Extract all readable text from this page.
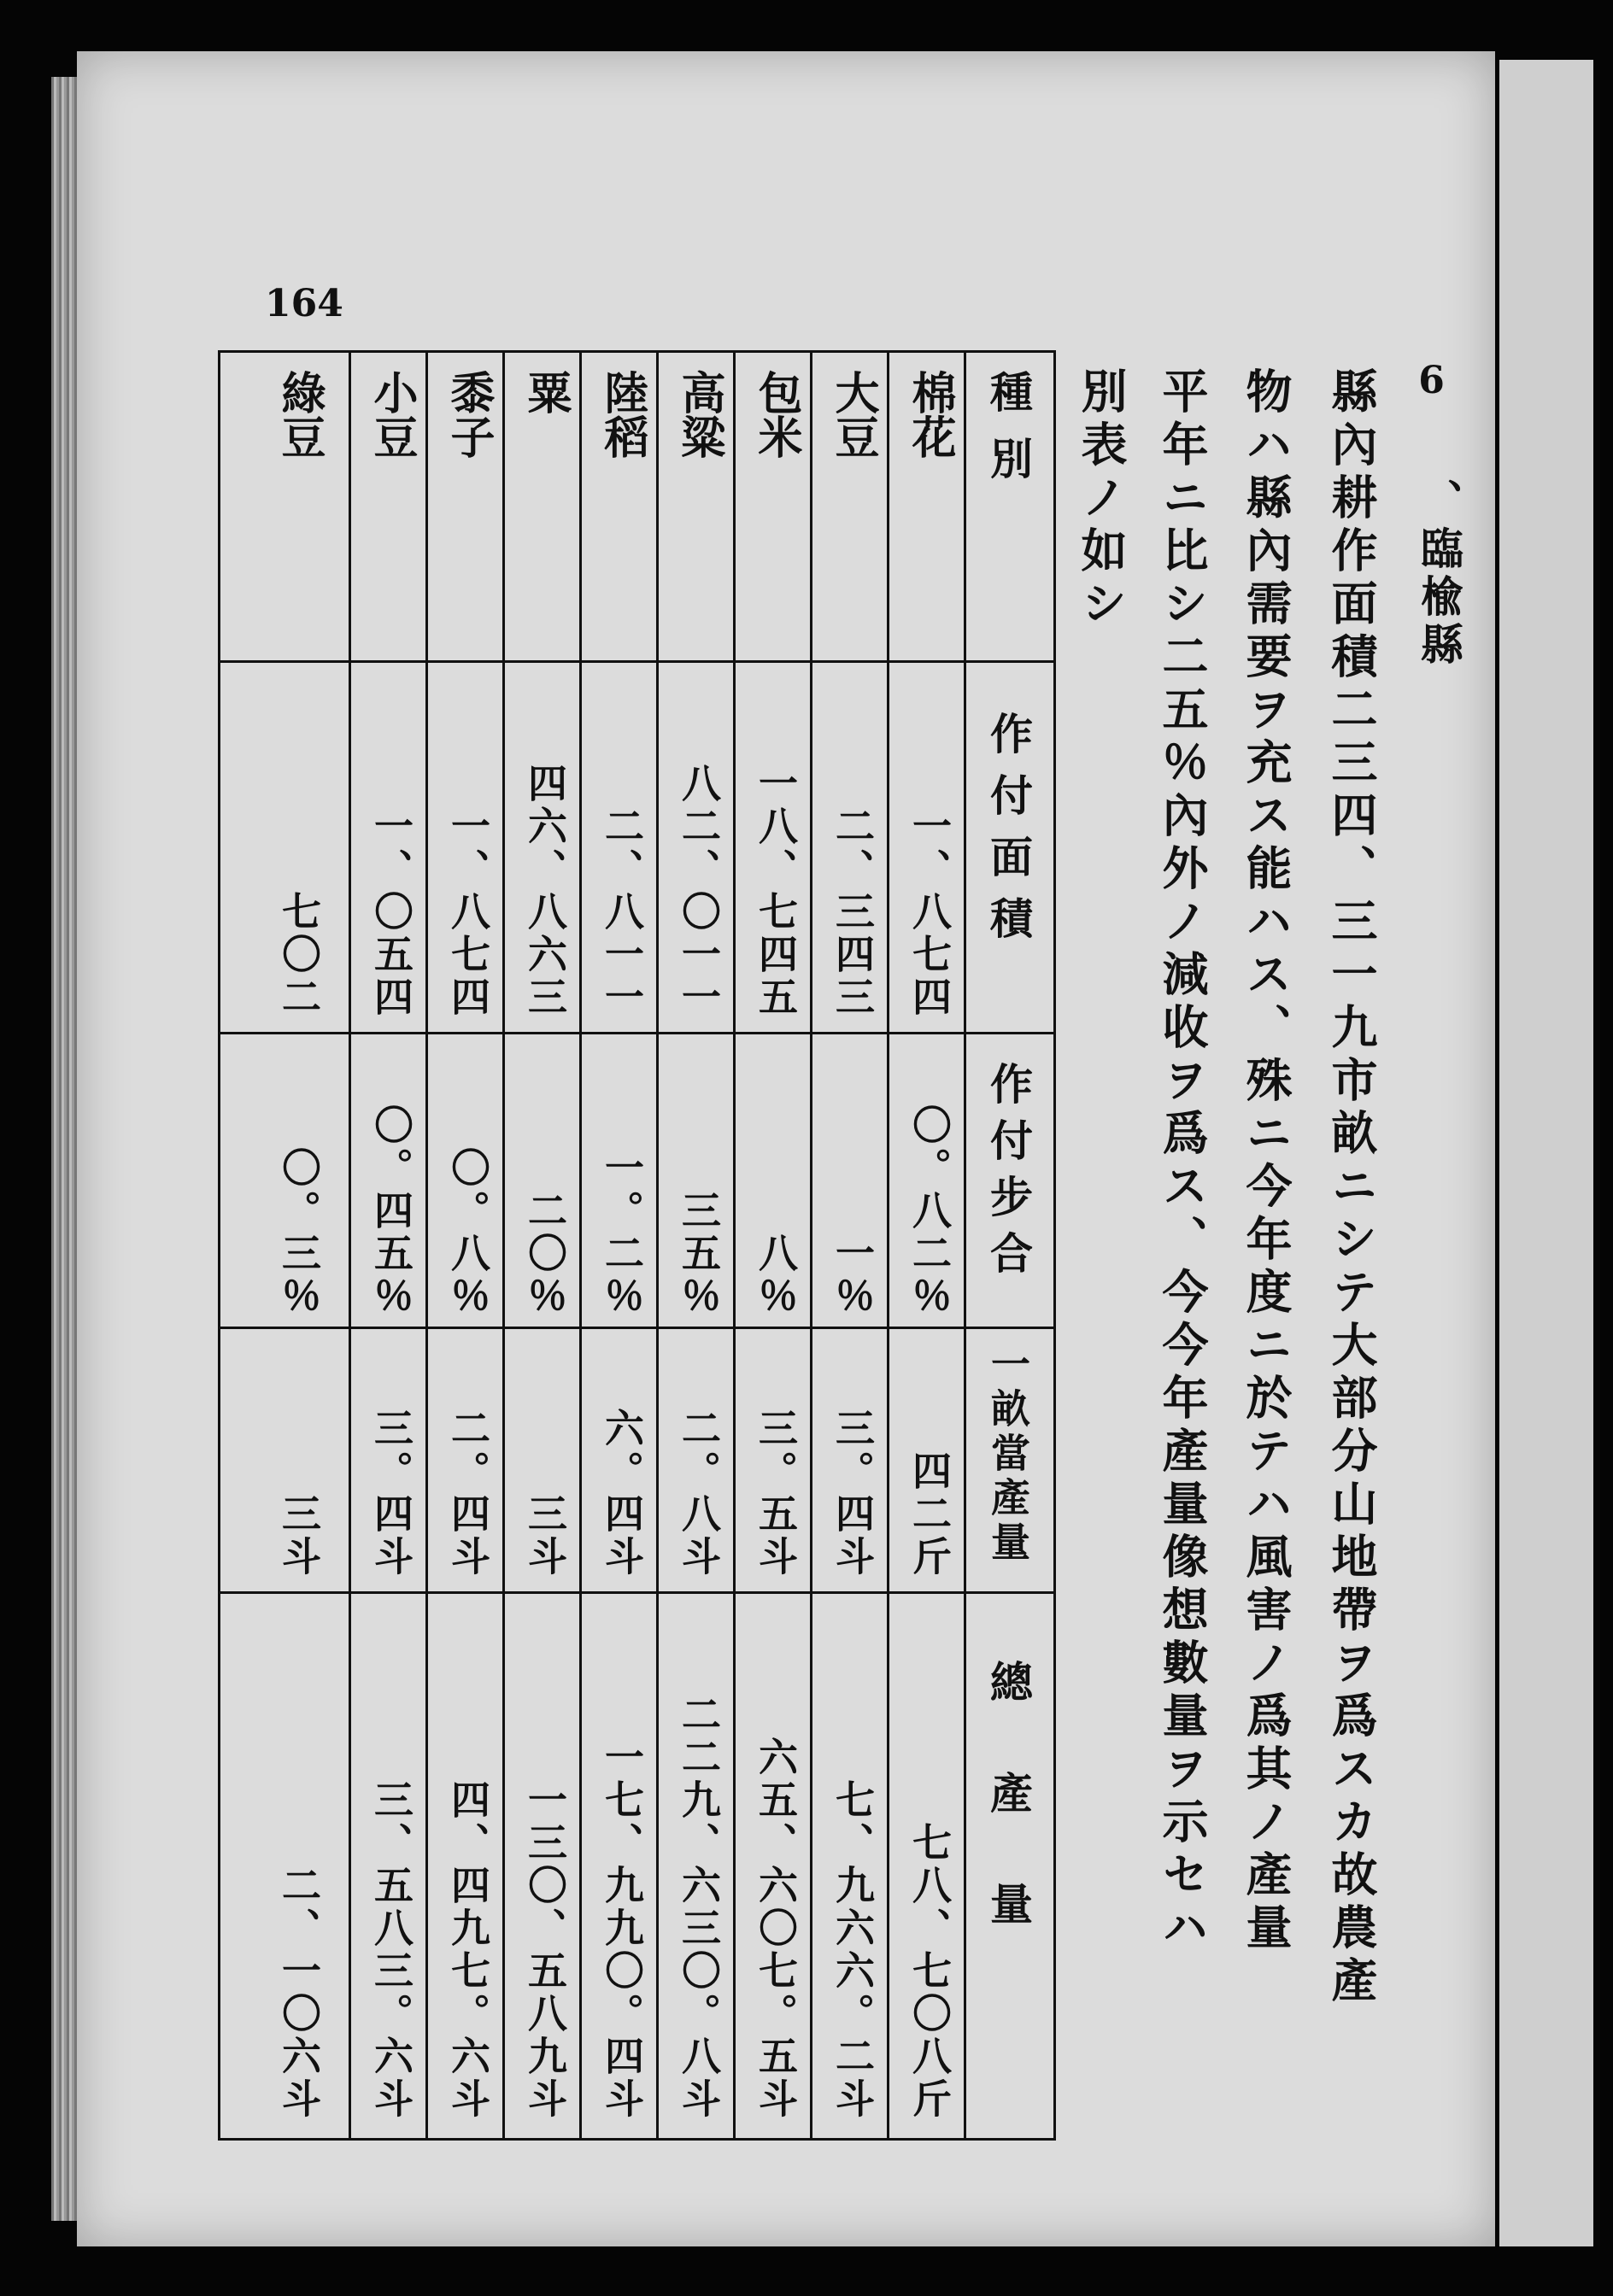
164
6
、臨楡縣
縣內耕作面積二三四、三一九市畝ニシテ大部分山地帶ヲ爲スカ故農產
物ハ縣內需要ヲ充ス能ハス、殊ニ今年度ニ於テハ風害ノ爲其ノ產量
平年ニ比シ二五％內外ノ減收ヲ爲ス、今今年產量像想數量ヲ示セハ
別表ノ如シ
種別
作付面積
作付步合
一畝當產量
總產量
棉花
一、八七四
〇。八二％
四二斤
七八、七〇八斤
大豆
二、三四三
一％
三。四斗
七、九六六。二斗
包米
一八、七四五
八％
三。五斗
六五、六〇七。五斗
高粱
八二、〇一一
三五％
二。八斗
二二九、六三〇。八斗
陸稻
二、八一一
一。二％
六。四斗
一七、九九〇。四斗
粟
四六、八六三
二〇％
三斗
一三〇、五八九斗
黍子
一、八七四
〇。八％
二。四斗
四、四九七。六斗
小豆
一、〇五四
〇。四五％
三。四斗
三、五八三。六斗
綠豆
七〇二
〇。三％
三斗
二、一〇六斗
